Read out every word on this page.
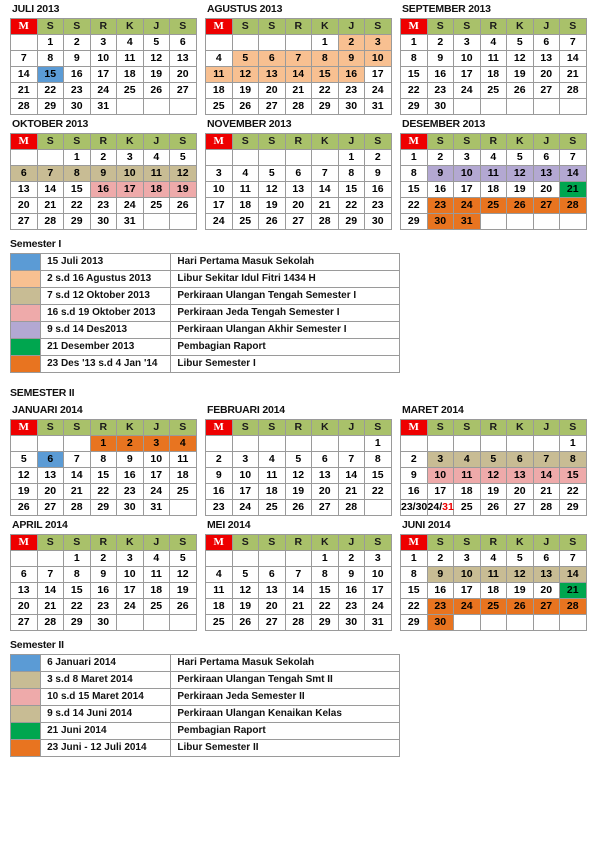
JULI 2013
M	S	S	R	K	J	S
	1	2	3	4	5	6
7	8	9	10	11	12	13
14	15	16	17	18	19	20
21	22	23	24	25	26	27
28	29	30	31			
AGUSTUS 2013
M	S	S	R	K	J	S
				1	2	3
4	5	6	7	8	9	10
11	12	13	14	15	16	17
18	19	20	21	22	23	24
25	26	27	28	29	30	31
SEPTEMBER 2013
M	S	S	R	K	J	S
1	2	3	4	5	6	7
8	9	10	11	12	13	14
15	16	17	18	19	20	21
22	23	24	25	26	27	28
29	30					
OKTOBER 2013
M	S	S	R	K	J	S
		1	2	3	4	5
6	7	8	9	10	11	12
13	14	15	16	17	18	19
20	21	22	23	24	25	26
27	28	29	30	31		
NOVEMBER 2013
M	S	S	R	K	J	S
					1	2
3	4	5	6	7	8	9
10	11	12	13	14	15	16
17	18	19	20	21	22	23
24	25	26	27	28	29	30
DESEMBER 2013
M	S	S	R	K	J	S
1	2	3	4	5	6	7
8	9	10	11	12	13	14
15	16	17	18	19	20	21
22	23	24	25	26	27	28
29	30	31				
Semester I
	15 Juli 2013	Hari Pertama Masuk Sekolah
	2 s.d 16 Agustus 2013	Libur Sekitar Idul Fitri 1434 H
	7 s.d 12 Oktober 2013	Perkiraan Ulangan Tengah Semester I
	16 s.d 19 Oktober 2013	Perkiraan Jeda Tengah Semester I
	9 s.d 14 Des2013	Perkiraan Ulangan Akhir Semester I
	21 Desember 2013	Pembagian Raport
	23 Des '13 s.d 4 Jan '14	Libur Semester I
SEMESTER II
JANUARI 2014
M	S	S	R	K	J	S
			1	2	3	4
5	6	7	8	9	10	11
12	13	14	15	16	17	18
19	20	21	22	23	24	25
26	27	28	29	30	31	
FEBRUARI 2014
M	S	S	R	K	J	S
						1
2	3	4	5	6	7	8
9	10	11	12	13	14	15
16	17	18	19	20	21	22
23	24	25	26	27	28	
MARET 2014
M	S	S	R	K	J	S
						1
2	3	4	5	6	7	8
9	10	11	12	13	14	15
16	17	18	19	20	21	22
23/30	24/31	25	26	27	28	29
APRIL 2014
M	S	S	R	K	J	S
		1	2	3	4	5
6	7	8	9	10	11	12
13	14	15	16	17	18	19
20	21	22	23	24	25	26
27	28	29	30			
MEI 2014
M	S	S	R	K	J	S
				1	2	3
4	5	6	7	8	9	10
11	12	13	14	15	16	17
18	19	20	21	22	23	24
25	26	27	28	29	30	31
JUNI 2014
M	S	S	R	K	J	S
1	2	3	4	5	6	7
8	9	10	11	12	13	14
15	16	17	18	19	20	21
22	23	24	25	26	27	28
29	30					
Semester II
	6 Januari 2014	Hari Pertama Masuk Sekolah
	3 s.d 8 Maret 2014	Perkiraan Ulangan Tengah Smt II
	10 s.d 15 Maret 2014	Perkiraan Jeda Semester II
	9 s.d 14 Juni 2014	Perkiraan Ulangan Kenaikan Kelas
	21 Juni 2014	Pembagian Raport
	23 Juni - 12 Juli 2014	Libur Semester II
